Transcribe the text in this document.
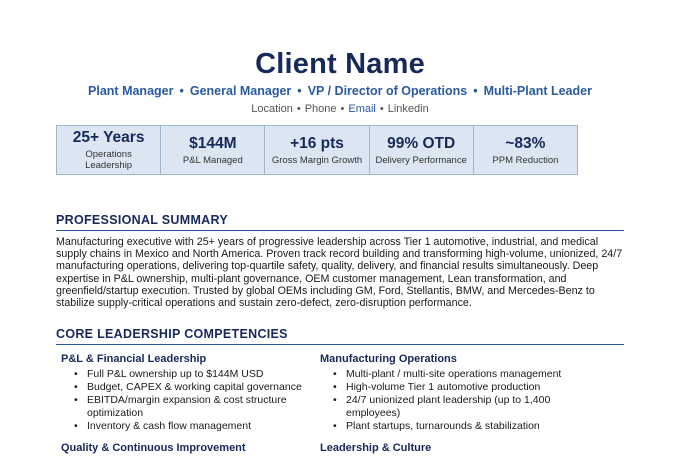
Client Name
Plant Manager • General Manager • VP / Director of Operations • Multi-Plant Leader
Location • Phone • Email • Linkedin
25+ Years
Operations Leadership
$144M
P&L Managed
+16 pts
Gross Margin Growth
99% OTD
Delivery Performance
~83%
PPM Reduction
PROFESSIONAL SUMMARY

Manufacturing executive with 25+ years of progressive leadership across Tier 1 automotive, industrial, and medical supply chains in Mexico and North America. Proven track record building and transforming high-volume, unionized, 24/7 manufacturing operations, delivering top-quartile safety, quality, delivery, and financial results simultaneously. Deep expertise in P&L ownership, multi-plant governance, OEM customer management, Lean transformation, and greenfield/startup execution. Trusted by global OEMs including GM, Ford, Stellantis, BMW, and Mercedes-Benz to stabilize supply-critical operations and sustain zero-defect, zero-disruption performance.

CORE LEADERSHIP COMPETENCIES

P&L & Financial Leadership

• Full P&L ownership up to $144M USD
• Budget, CAPEX & working capital governance
• EBITDA/margin expansion & cost structure optimization
• Inventory & cash flow management

Manufacturing Operations

• Multi-plant / multi-site operations management
• High-volume Tier 1 automotive production
• 24/7 unionized plant leadership (up to 1,400 employees)
• Plant startups, turnarounds & stabilization

Quality & Continuous Improvement	Leadership & Culture
